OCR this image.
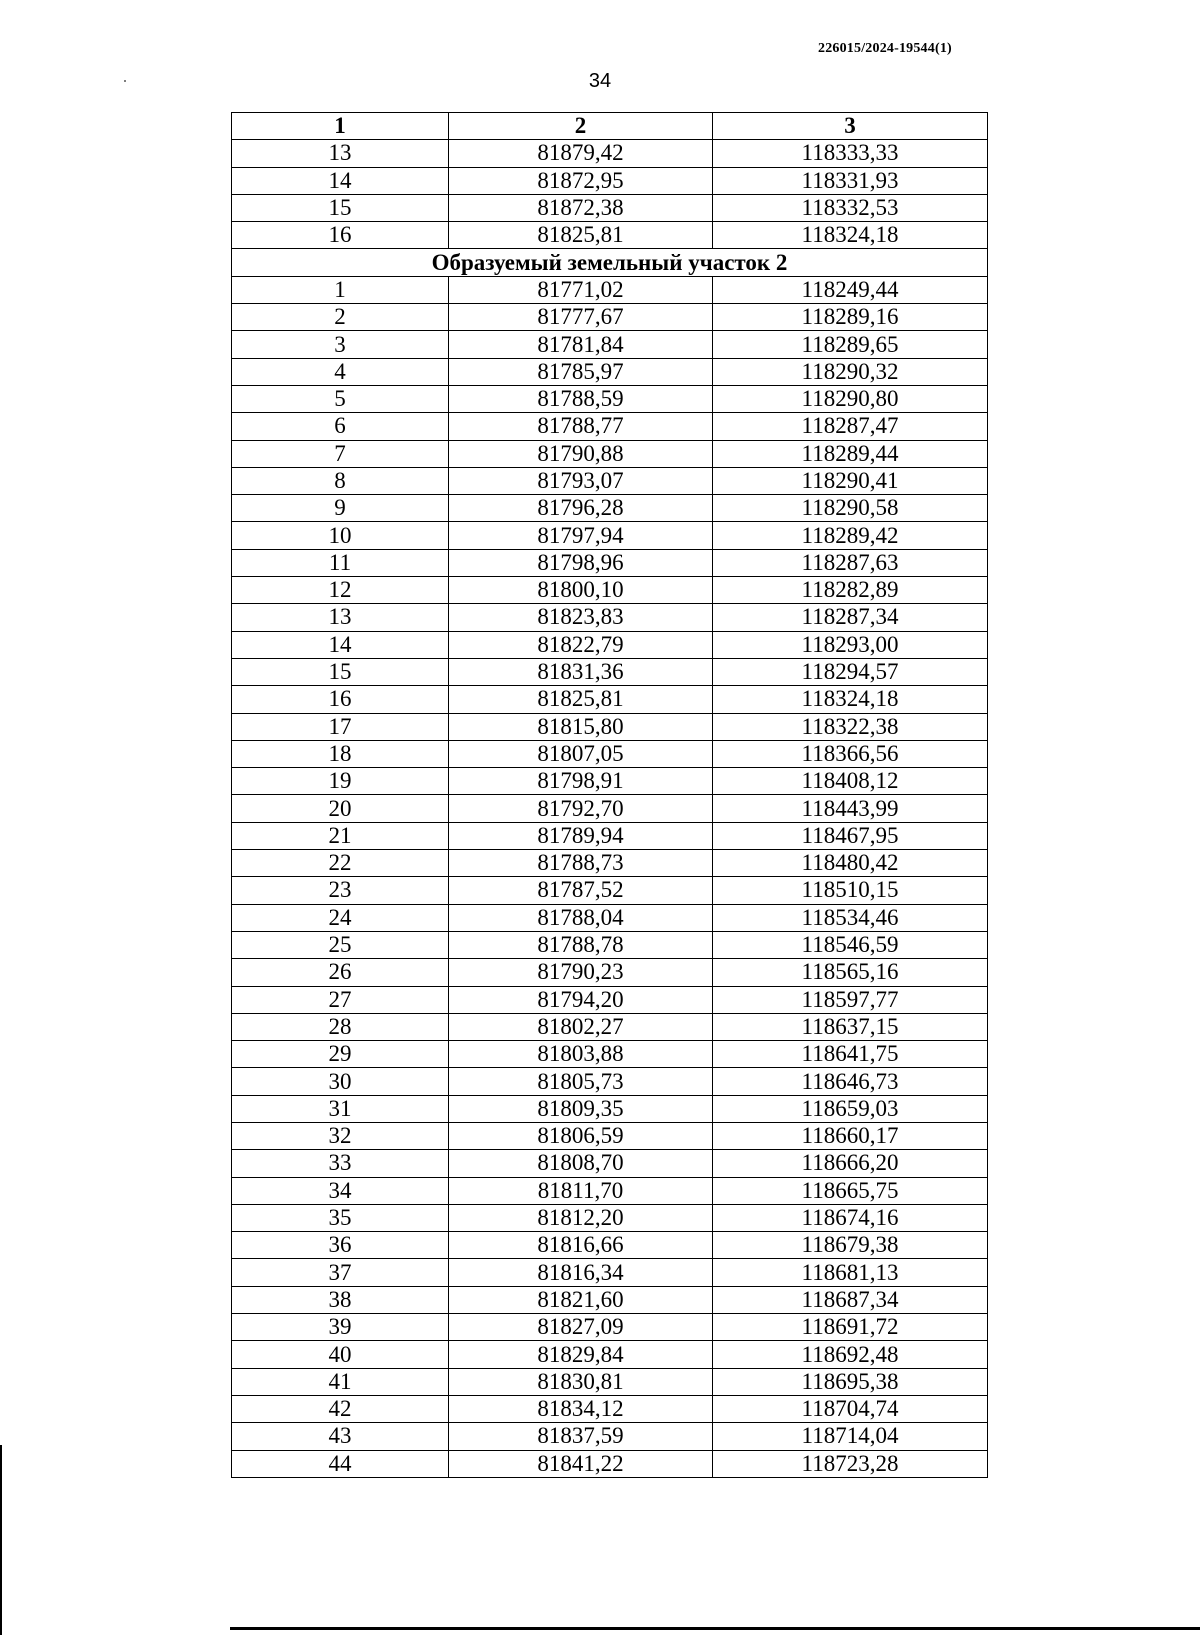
226015/2024-19544(1)
34
1	2	3
13	81879,42	118333,33
14	81872,95	118331,93
15	81872,38	118332,53
16	81825,81	118324,18
Образуемый земельный участок 2		
1	81771,02	118249,44
2	81777,67	118289,16
3	81781,84	118289,65
4	81785,97	118290,32
5	81788,59	118290,80
6	81788,77	118287,47
7	81790,88	118289,44
8	81793,07	118290,41
9	81796,28	118290,58
10	81797,94	118289,42
11	81798,96	118287,63
12	81800,10	118282,89
13	81823,83	118287,34
14	81822,79	118293,00
15	81831,36	118294,57
16	81825,81	118324,18
17	81815,80	118322,38
18	81807,05	118366,56
19	81798,91	118408,12
20	81792,70	118443,99
21	81789,94	118467,95
22	81788,73	118480,42
23	81787,52	118510,15
24	81788,04	118534,46
25	81788,78	118546,59
26	81790,23	118565,16
27	81794,20	118597,77
28	81802,27	118637,15
29	81803,88	118641,75
30	81805,73	118646,73
31	81809,35	118659,03
32	81806,59	118660,17
33	81808,70	118666,20
34	81811,70	118665,75
35	81812,20	118674,16
36	81816,66	118679,38
37	81816,34	118681,13
38	81821,60	118687,34
39	81827,09	118691,72
40	81829,84	118692,48
41	81830,81	118695,38
42	81834,12	118704,74
43	81837,59	118714,04
44	81841,22	118723,28
